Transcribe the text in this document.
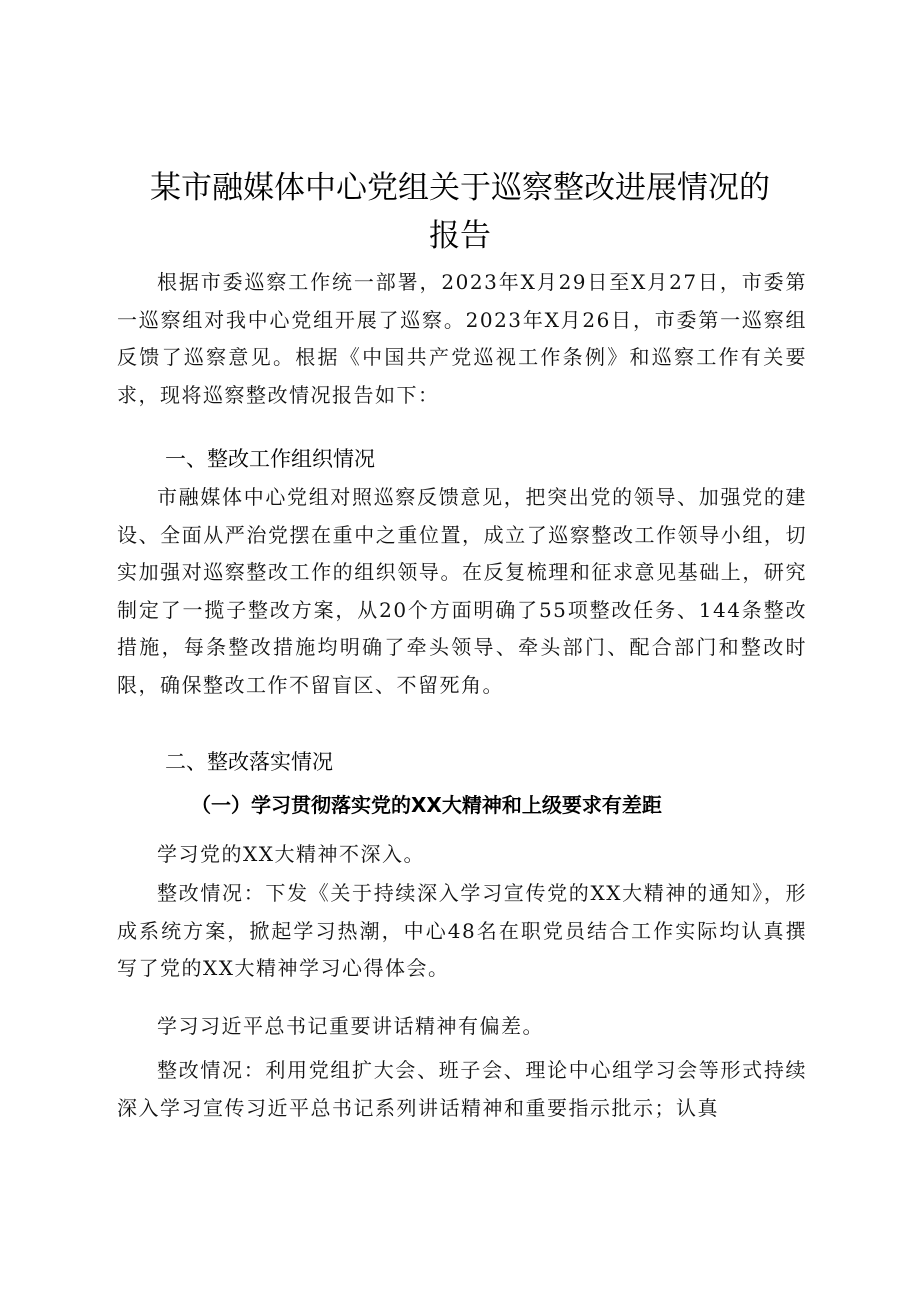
某市融媒体中心党组关于巡察整改进展情况的
报告
根据市委巡察工作统一部署，2023年X月29日至X月27日，市委第一巡察组对我中心党组开展了巡察。2023年X月26日，市委第一巡察组反馈了巡察意见。根据《中国共产党巡视工作条例》和巡察工作有关要求，现将巡察整改情况报告如下：
一、整改工作组织情况
市融媒体中心党组对照巡察反馈意见，把突出党的领导、加强党的建设、全面从严治党摆在重中之重位置，成立了巡察整改工作领导小组，切实加强对巡察整改工作的组织领导。在反复梳理和征求意见基础上，研究制定了一揽子整改方案，从20个方面明确了55项整改任务、144条整改措施，每条整改措施均明确了牵头领导、牵头部门、配合部门和整改时限，确保整改工作不留盲区、不留死角。
二、整改落实情况
（一）学习贯彻落实党的XX大精神和上级要求有差距
学习党的XX大精神不深入。
整改情况：下发《关于持续深入学习宣传党的XX大精神的通知》，形成系统方案，掀起学习热潮，中心48名在职党员结合工作实际均认真撰写了党的XX大精神学习心得体会。
学习习近平总书记重要讲话精神有偏差。
整改情况：利用党组扩大会、班子会、理论中心组学习会等形式持续深入学习宣传习近平总书记系列讲话精神和重要指示批示；认真
